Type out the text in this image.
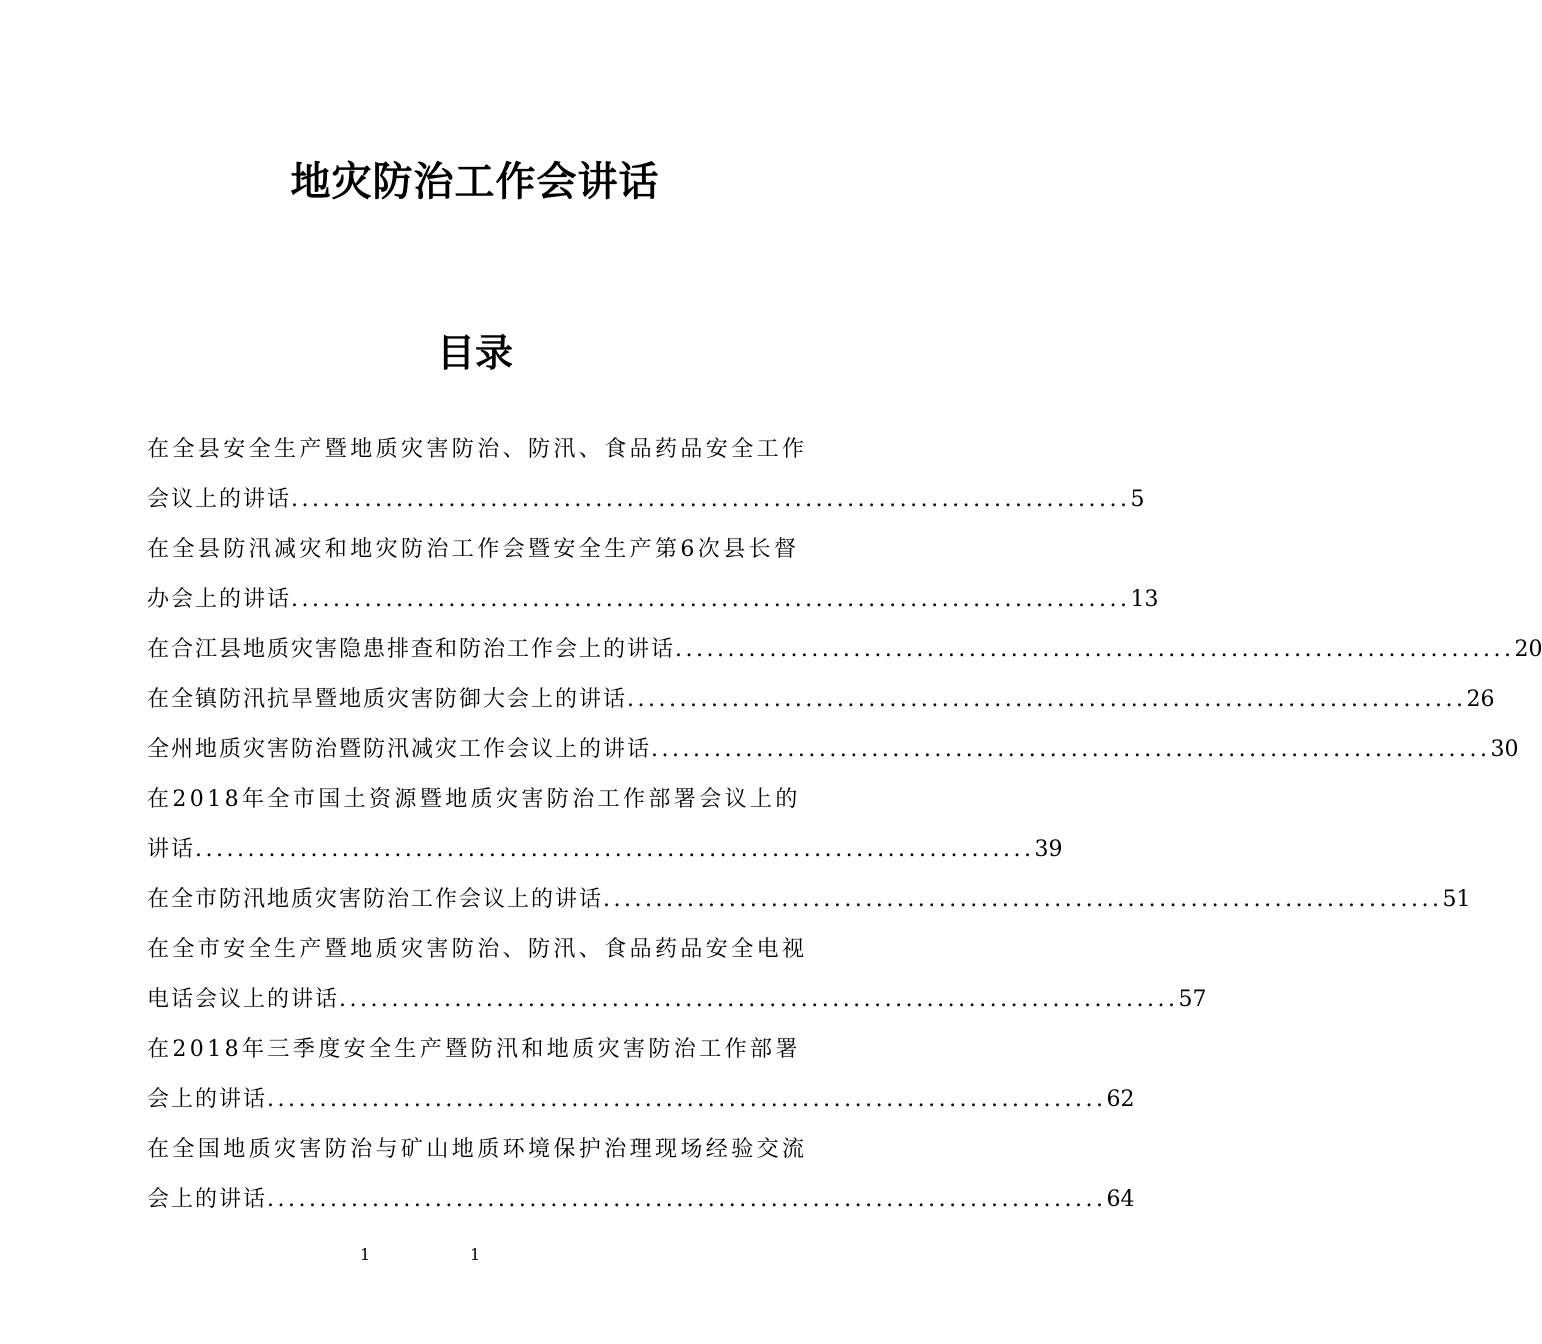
地灾防治工作会讲话
目录
在全县安全生产暨地质灾害防治、防汛、食品药品安全工作
会议上的讲话 ................................................................................ 5
在全县防汛减灾和地灾防治工作会暨安全生产第6次县长督
办会上的讲话 ................................................................................ 13
在合江县地质灾害隐患排查和防治工作会上的讲话 ................................................................................ 20
在全镇防汛抗旱暨地质灾害防御大会上的讲话 ................................................................................ 26
全州地质灾害防治暨防汛减灾工作会议上的讲话 ................................................................................ 30
在2018年全市国土资源暨地质灾害防治工作部署会议上的
讲话 ................................................................................ 39
在全市防汛地质灾害防治工作会议上的讲话 ................................................................................ 51
在全市安全生产暨地质灾害防治、防汛、食品药品安全电视
电话会议上的讲话 ................................................................................ 57
在2018年三季度安全生产暨防汛和地质灾害防治工作部署
会上的讲话 ................................................................................ 62
在全国地质灾害防治与矿山地质环境保护治理现场经验交流
会上的讲话 ................................................................................ 64
1	1
